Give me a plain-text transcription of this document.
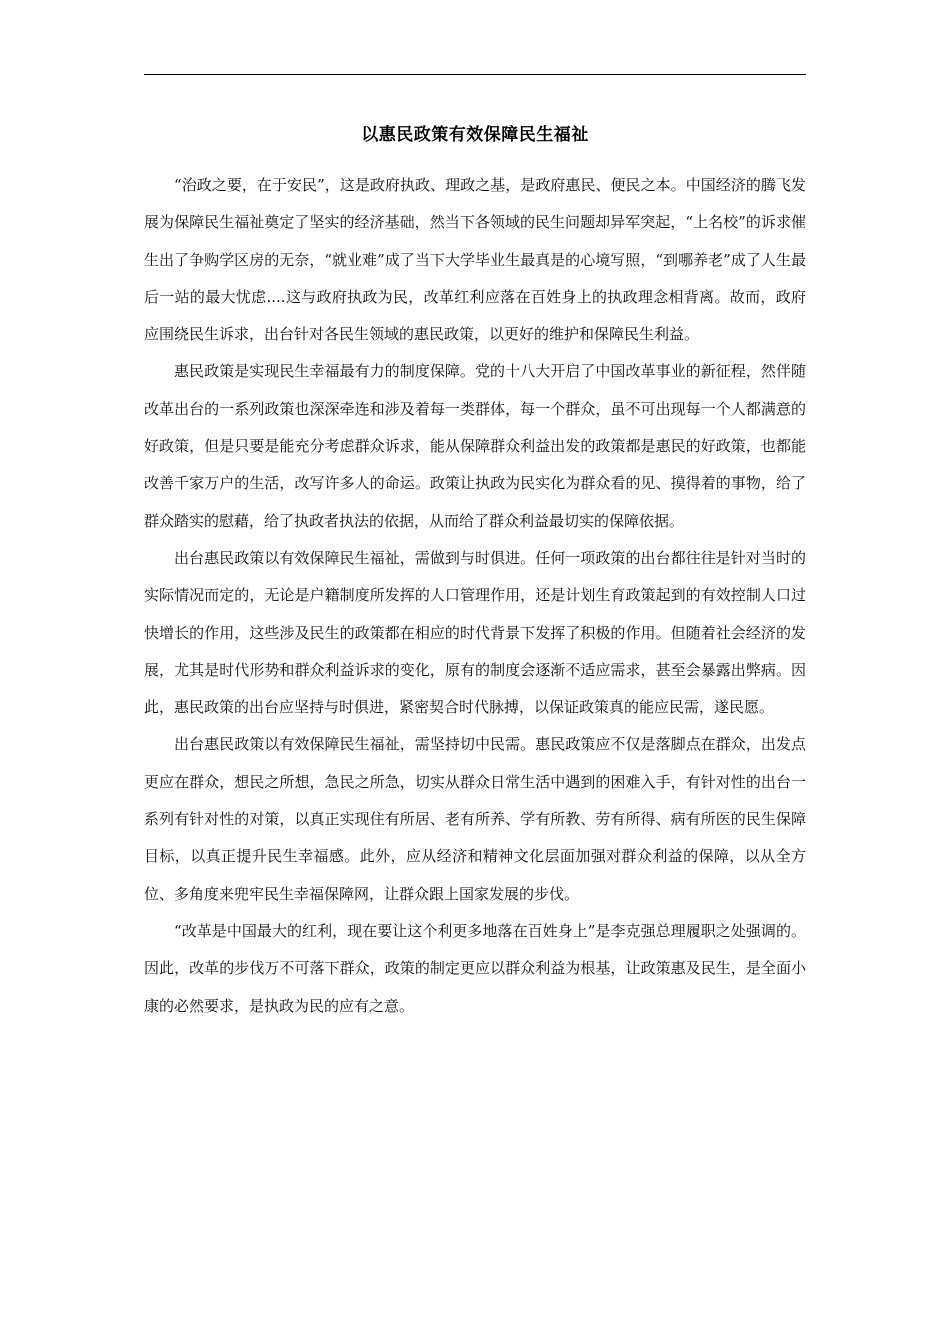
以惠民政策有效保障民生福祉

“治政之要，在于安民”，这是政府执政、理政之基，是政府惠民、便民之本。中国经济的腾飞发展为保障民生福祉奠定了坚实的经济基础，然当下各领域的民生问题却异军突起，“上名校”的诉求催生出了争购学区房的无奈，“就业难”成了当下大学毕业生最真是的心境写照，“到哪养老”成了人生最后一站的最大忧虑....这与政府执政为民，改革红利应落在百姓身上的执政理念相背离。故而，政府应围绕民生诉求，出台针对各民生领域的惠民政策，以更好的维护和保障民生利益。

惠民政策是实现民生幸福最有力的制度保障。党的十八大开启了中国改革事业的新征程，然伴随改革出台的一系列政策也深深牵连和涉及着每一类群体，每一个群众，虽不可出现每一个人都满意的好政策，但是只要是能充分考虑群众诉求，能从保障群众利益出发的政策都是惠民的好政策，也都能改善千家万户的生活，改写许多人的命运。政策让执政为民实化为群众看的见、摸得着的事物，给了群众踏实的慰藉，给了执政者执法的依据，从而给了群众利益最切实的保障依据。

出台惠民政策以有效保障民生福祉，需做到与时俱进。任何一项政策的出台都往往是针对当时的实际情况而定的，无论是户籍制度所发挥的人口管理作用，还是计划生育政策起到的有效控制人口过快增长的作用，这些涉及民生的政策都在相应的时代背景下发挥了积极的作用。但随着社会经济的发展，尤其是时代形势和群众利益诉求的变化，原有的制度会逐渐不适应需求，甚至会暴露出弊病。因此，惠民政策的出台应坚持与时俱进，紧密契合时代脉搏，以保证政策真的能应民需，遂民愿。

出台惠民政策以有效保障民生福祉，需坚持切中民需。惠民政策应不仅是落脚点在群众，出发点更应在群众，想民之所想，急民之所急，切实从群众日常生活中遇到的困难入手，有针对性的出台一系列有针对性的对策，以真正实现住有所居、老有所养、学有所教、劳有所得、病有所医的民生保障目标，以真正提升民生幸福感。此外，应从经济和精神文化层面加强对群众利益的保障，以从全方位、多角度来兜牢民生幸福保障网，让群众跟上国家发展的步伐。

“改革是中国最大的红利，现在要让这个利更多地落在百姓身上”是李克强总理履职之处强调的。因此，改革的步伐万不可落下群众，政策的制定更应以群众利益为根基，让政策惠及民生，是全面小康的必然要求，是执政为民的应有之意。
